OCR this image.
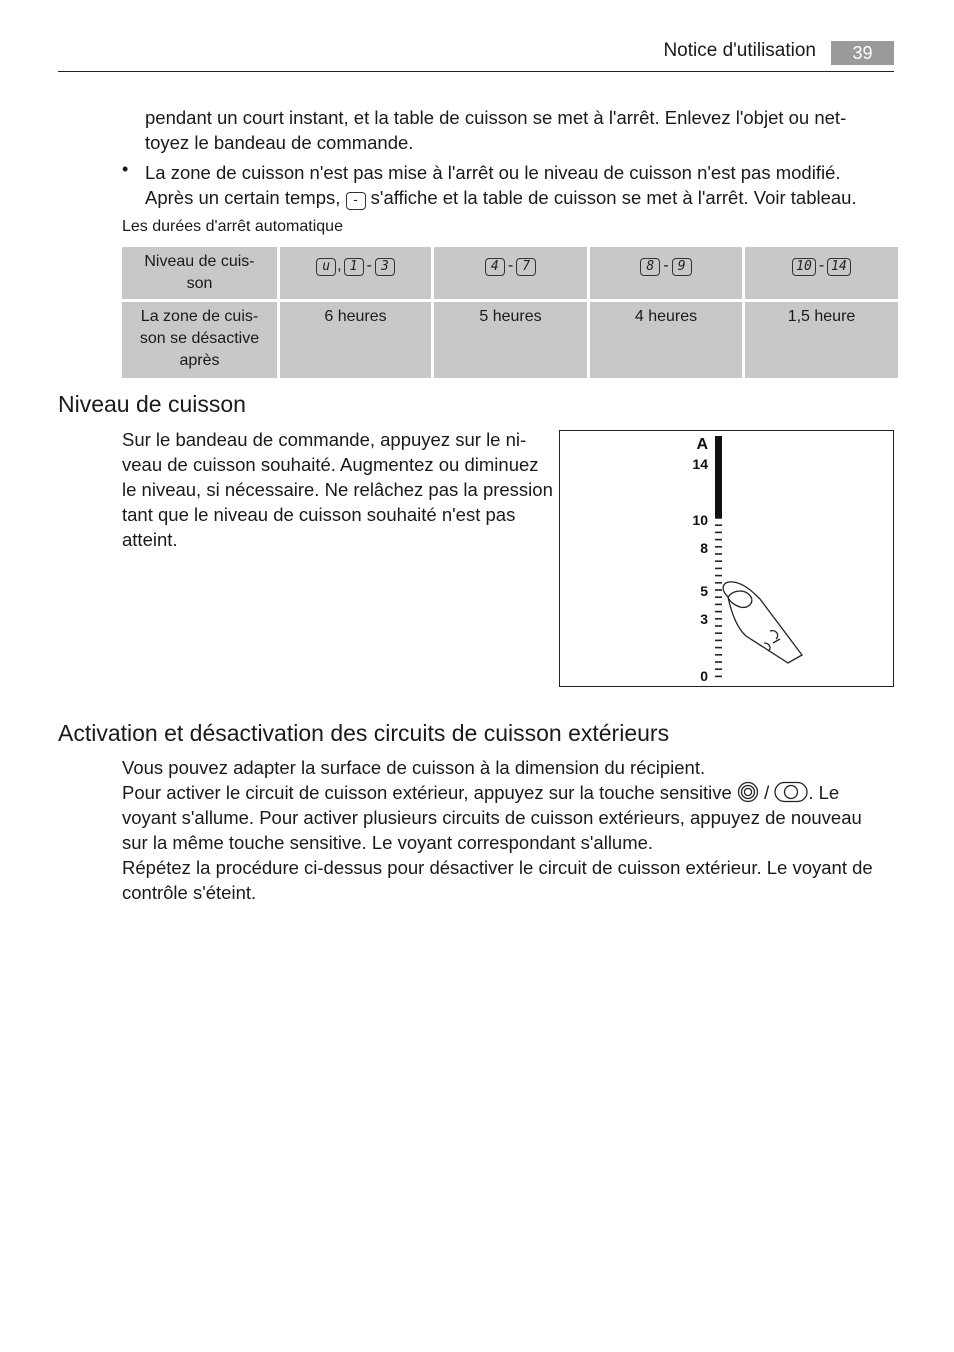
Notice d'utilisation	39
pendant un court instant, et la table de cuisson se met à l'arrêt. Enlevez l'objet ou net-
toyez le bandeau de commande.
• La zone de cuisson n'est pas mise à l'arrêt ou le niveau de cuisson n'est pas modifié.
Après un certain temps, - s'affiche et la table de cuisson se met à l'arrêt. Voir tableau.
Les durées d'arrêt automatique
Niveau de cuis-
son	u , 1 - 3	4 - 7	8 - 9	10 - 14
La zone de cuis-
son se désactive
après	6 heures	5 heures	4 heures	1,5 heure
Niveau de cuisson
Sur le bandeau de commande, appuyez sur le ni-
veau de cuisson souhaité. Augmentez ou diminuez
le niveau, si nécessaire. Ne relâchez pas la pression
tant que le niveau de cuisson souhaité n'est pas
atteint.
A
14
10
8
5
3
0
Activation et désactivation des circuits de cuisson extérieurs
Vous pouvez adapter la surface de cuisson à la dimension du récipient.
Pour activer le circuit de cuisson extérieur, appuyez sur la touche sensitive / . Le
voyant s'allume. Pour activer plusieurs circuits de cuisson extérieurs, appuyez de nouveau
sur la même touche sensitive. Le voyant correspondant s'allume.
Répétez la procédure ci-dessus pour désactiver le circuit de cuisson extérieur. Le voyant de
contrôle s'éteint.
